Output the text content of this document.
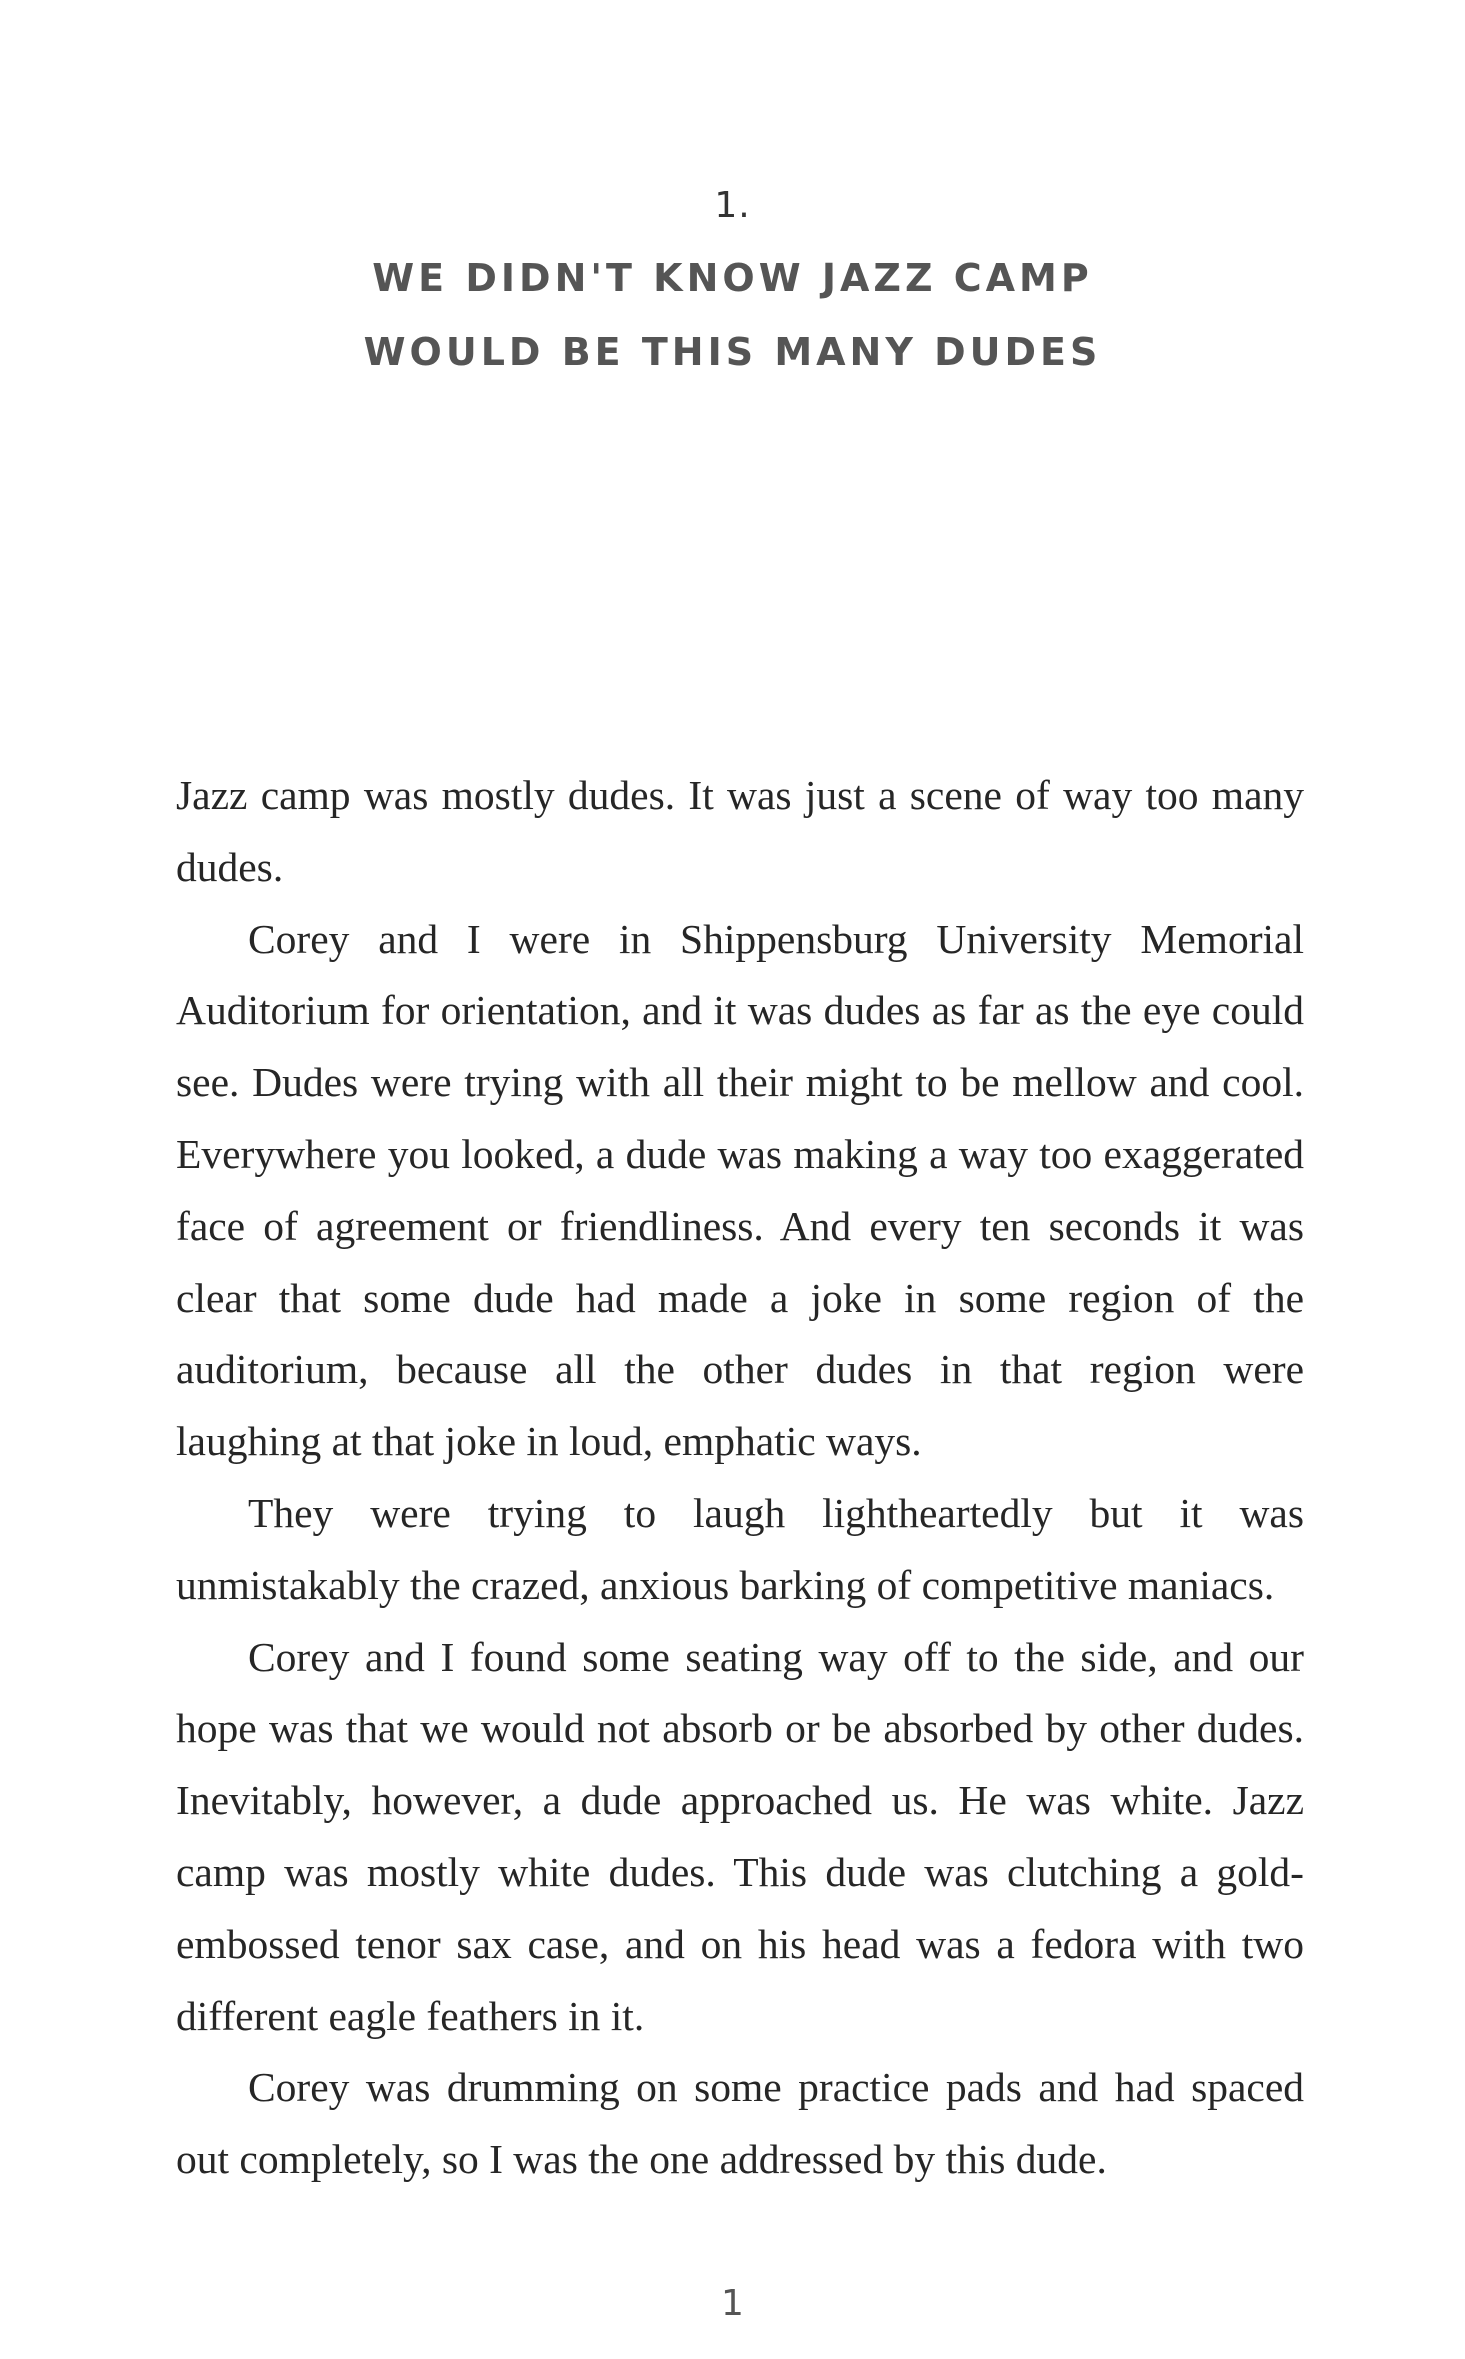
1.
WE DIDN'T KNOW JAZZ CAMP
WOULD BE THIS MANY DUDES

Jazz camp was mostly dudes. It was just a scene of way too many dudes.

Corey and I were in Shippensburg University Memorial Auditorium for orientation, and it was dudes as far as the eye could see. Dudes were trying with all their might to be mellow and cool. Everywhere you looked, a dude was making a way too exaggerated face of agreement or friendliness. And every ten seconds it was clear that some dude had made a joke in some region of the auditorium, because all the other dudes in that region were laughing at that joke in loud, emphatic ways.

They were trying to laugh lightheartedly but it was unmistakably the crazed, anxious barking of competitive maniacs.

Corey and I found some seating way off to the side, and our hope was that we would not absorb or be absorbed by other dudes. Inevitably, however, a dude approached us. He was white. Jazz camp was mostly white dudes. This dude was clutching a gold-embossed tenor sax case, and on his head was a fedora with two different eagle feathers in it.

Corey was drumming on some practice pads and had spaced out completely, so I was the one addressed by this dude.

1
